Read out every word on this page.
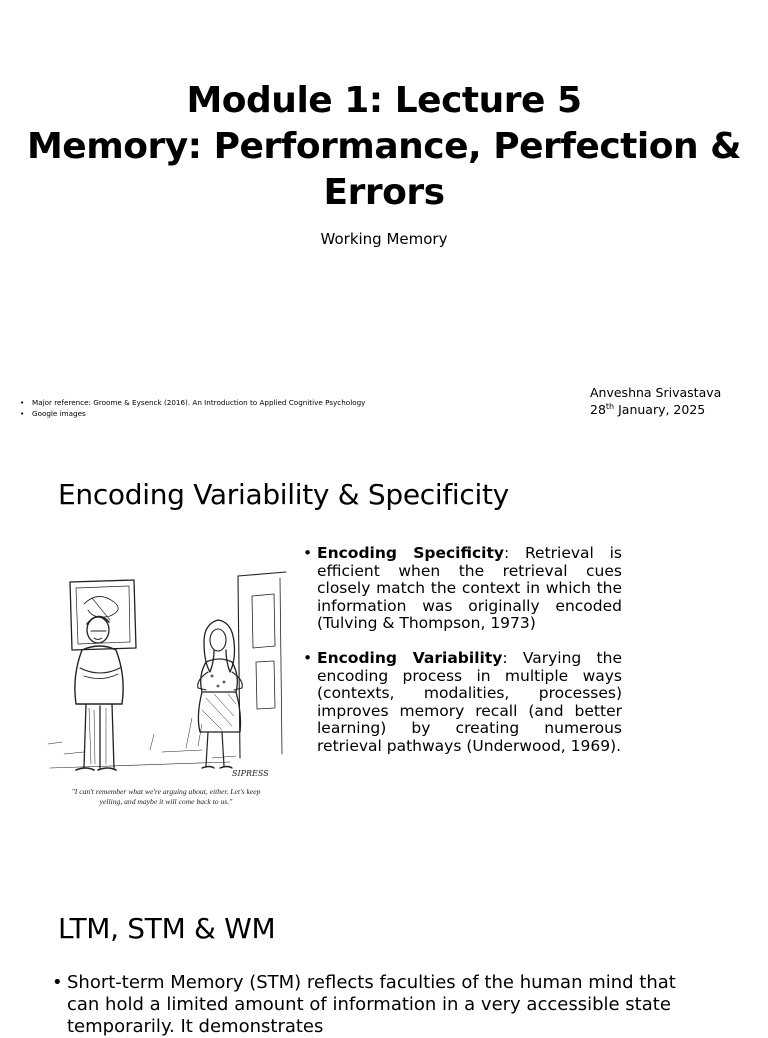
Module 1: Lecture 5
Memory: Performance, Perfection &
Errors
Working Memory
• Major reference: Groome & Eysenck (2016). An Introduction to Applied Cognitive Psychology
• Google images
Anveshna Srivastava
28th January, 2025
Encoding Variability & Specificity
SIPRESS
"I can't remember what we're arguing about, either. Let's keep
yelling, and maybe it will come back to us."
• Encoding Specificity: Retrieval is efficient when the retrieval cues closely match the context in which the information was originally encoded (Tulving & Thompson, 1973)
• Encoding Variability: Varying the encoding process in multiple ways (contexts, modalities, processes) improves memory recall (and better learning) by creating numerous retrieval pathways (Underwood, 1969).
LTM, STM & WM
• Short-term Memory (STM) reflects faculties of the human mind that can hold a limited amount of information in a very accessible state temporarily. It demonstrates
